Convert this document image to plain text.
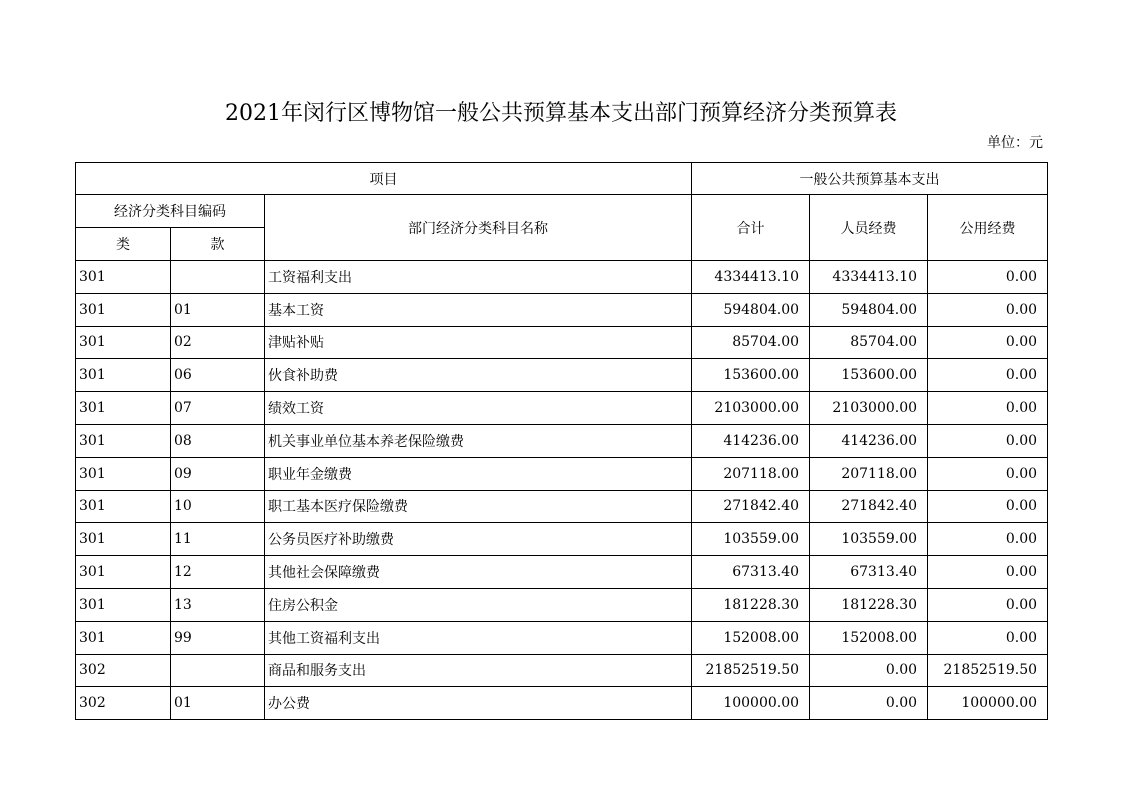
2021年闵行区博物馆一般公共预算基本支出部门预算经济分类预算表
单位：元
项目			一般公共预算基本支出		
经济分类科目编码		部门经济分类科目名称	合计	人员经费	公用经费
类	款				
301		工资福利支出	4334413.10	4334413.10	0.00
301	01	基本工资	594804.00	594804.00	0.00
301	02	津贴补贴	85704.00	85704.00	0.00
301	06	伙食补助费	153600.00	153600.00	0.00
301	07	绩效工资	2103000.00	2103000.00	0.00
301	08	机关事业单位基本养老保险缴费	414236.00	414236.00	0.00
301	09	职业年金缴费	207118.00	207118.00	0.00
301	10	职工基本医疗保险缴费	271842.40	271842.40	0.00
301	11	公务员医疗补助缴费	103559.00	103559.00	0.00
301	12	其他社会保障缴费	67313.40	67313.40	0.00
301	13	住房公积金	181228.30	181228.30	0.00
301	99	其他工资福利支出	152008.00	152008.00	0.00
302		商品和服务支出	21852519.50	0.00	21852519.50
302	01	办公费	100000.00	0.00	100000.00
